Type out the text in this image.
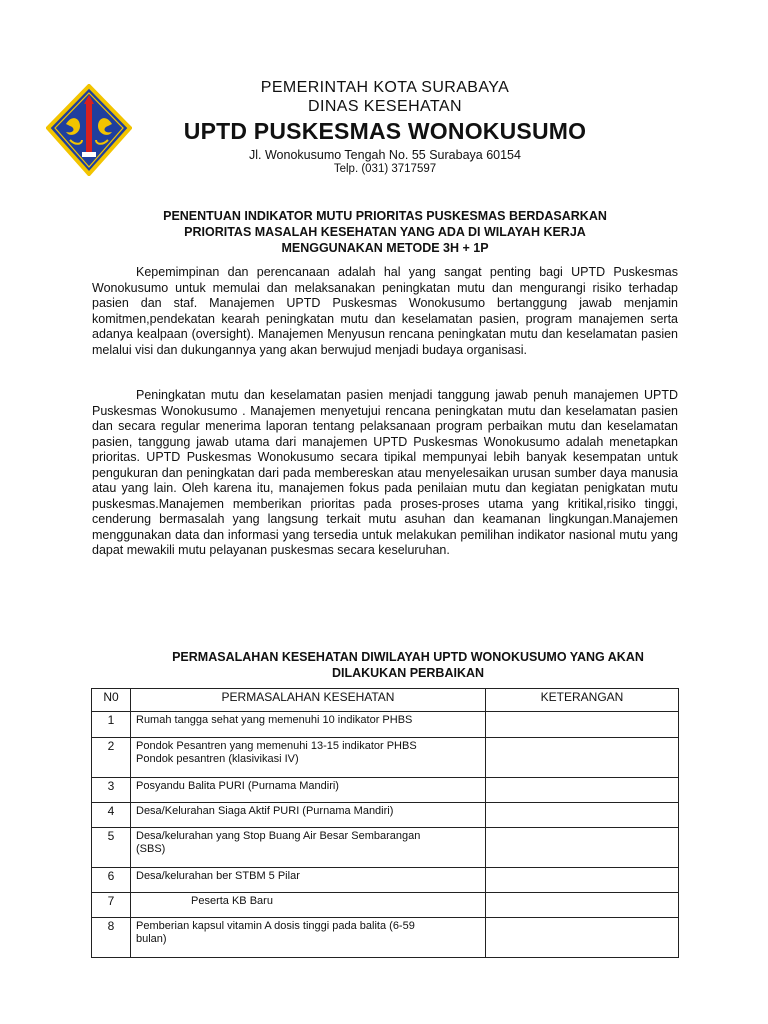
PEMERINTAH KOTA SURABAYA
DINAS KESEHATAN
UPTD PUSKESMAS WONOKUSUMO
Jl. Wonokusumo Tengah No. 55 Surabaya 60154
Telp. (031) 3717597
PENENTUAN INDIKATOR MUTU PRIORITAS PUSKESMAS BERDASARKAN
PRIORITAS MASALAH KESEHATAN YANG ADA DI WILAYAH KERJA
MENGGUNAKAN METODE 3H + 1P

Kepemimpinan dan perencanaan adalah hal yang sangat penting bagi UPTD Puskesmas Wonokusumo untuk memulai dan melaksanakan peningkatan mutu dan mengurangi risiko terhadap pasien dan staf. Manajemen UPTD Puskesmas Wonokusumo bertanggung jawab menjamin komitmen,pendekatan kearah peningkatan mutu dan keselamatan pasien, program manajemen serta adanya kealpaan (oversight). Manajemen Menyusun rencana peningkatan mutu dan keselamatan pasien melalui visi dan dukungannya yang akan berwujud menjadi budaya organisasi.

Peningkatan mutu dan keselamatan pasien menjadi tanggung jawab penuh manajemen UPTD Puskesmas Wonokusumo . Manajemen menyetujui rencana peningkatan mutu dan keselamatan pasien dan secara regular menerima laporan tentang pelaksanaan program perbaikan mutu dan keselamatan pasien, tanggung jawab utama dari manajemen UPTD Puskesmas Wonokusumo adalah menetapkan prioritas. UPTD Puskesmas Wonokusumo secara tipikal mempunyai lebih banyak kesempatan untuk pengukuran dan peningkatan dari pada membereskan atau menyelesaikan urusan sumber daya manusia atau yang lain. Oleh karena itu, manajemen fokus pada penilaian mutu dan kegiatan penigkatan mutu puskesmas.Manajemen memberikan prioritas pada proses-proses utama yang kritikal,risiko tinggi, cenderung bermasalah yang langsung terkait mutu asuhan dan keamanan lingkungan.Manajemen menggunakan data dan informasi yang tersedia untuk melakukan pemilihan indikator nasional mutu yang dapat mewakili mutu pelayanan puskesmas secara keseluruhan.

PERMASALAHAN KESEHATAN DIWILAYAH UPTD WONOKUSUMO YANG AKAN
DILAKUKAN PERBAIKAN
N0	PERMASALAHAN KESEHATAN	KETERANGAN
1	Rumah tangga sehat yang memenuhi 10 indikator PHBS	

2	Pondok Pesantren yang memenuhi 13-15 indikator PHBS
Pondok pesantren (klasivikasi IV)	

3	Posyandu Balita PURI (Purnama Mandiri)	

4	Desa/Kelurahan Siaga Aktif PURI (Purnama Mandiri)	

5	Desa/kelurahan yang Stop Buang Air Besar Sembarangan
(SBS)	

6	Desa/kelurahan ber STBM 5 Pilar	

7	Peserta KB Baru	

8	Pemberian kapsul vitamin A dosis tinggi pada balita (6-59
bulan)	
